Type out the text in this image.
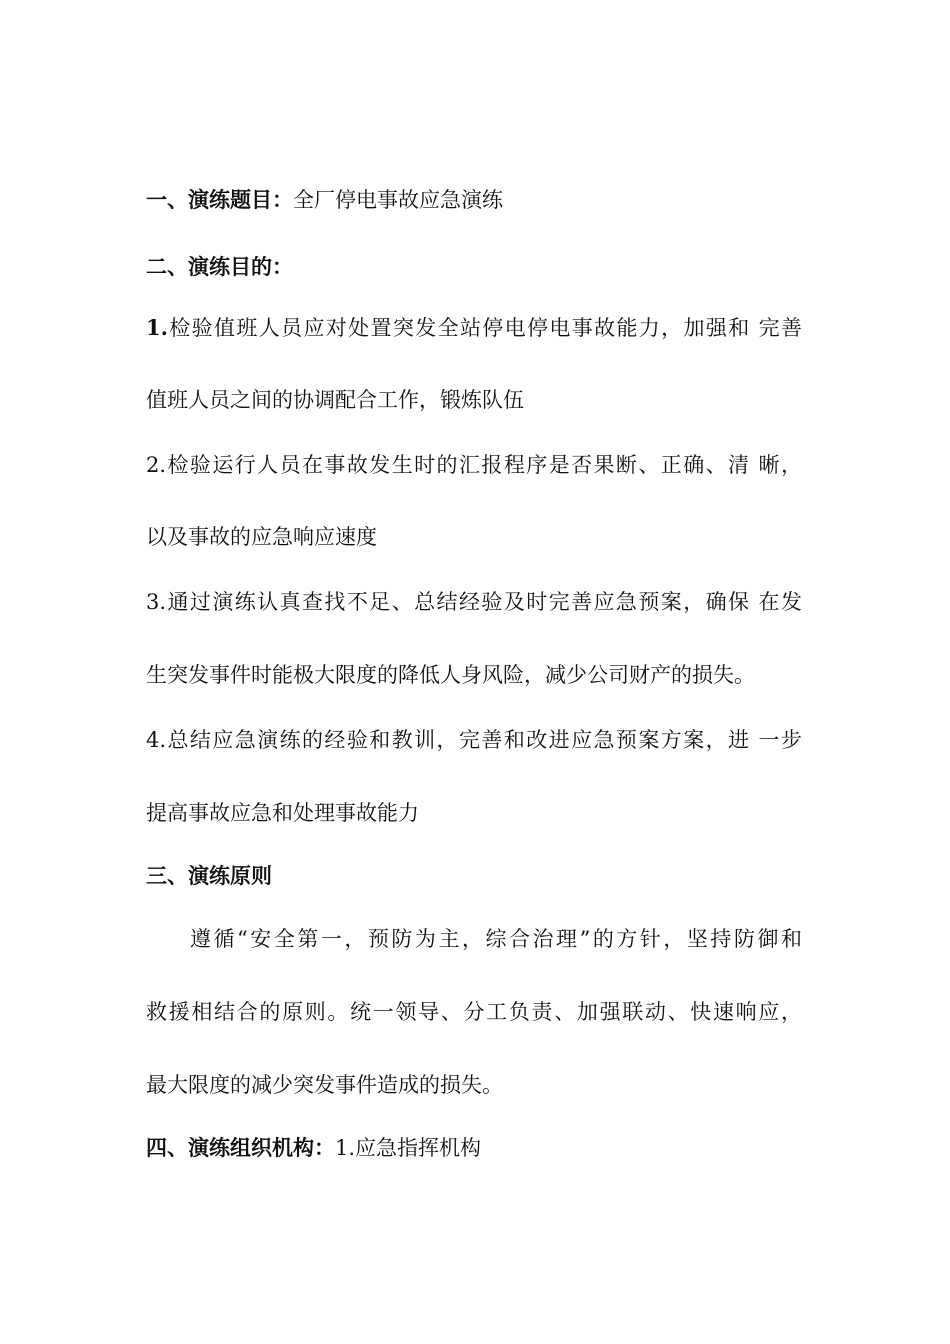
一、演练题目：全厂停电事故应急演练
二、演练目的：
1.检验值班人员应对处置突发全站停电停电事故能力，加强和 完善
值班人员之间的协调配合工作，锻炼队伍
2.检验运行人员在事故发生时的汇报程序是否果断、正确、清 晰，
以及事故的应急响应速度
3.通过演练认真查找不足、总结经验及时完善应急预案，确保 在发
生突发事件时能极大限度的降低人身风险，减少公司财产的损失。
4.总结应急演练的经验和教训，完善和改进应急预案方案，进 一步
提高事故应急和处理事故能力
三、演练原则
遵循“安全第一，预防为主，综合治理”的方针，坚持防御和
救援相结合的原则。统一领导、分工负责、加强联动、快速响应，
最大限度的减少突发事件造成的损失。
四、演练组织机构：1.应急指挥机构
